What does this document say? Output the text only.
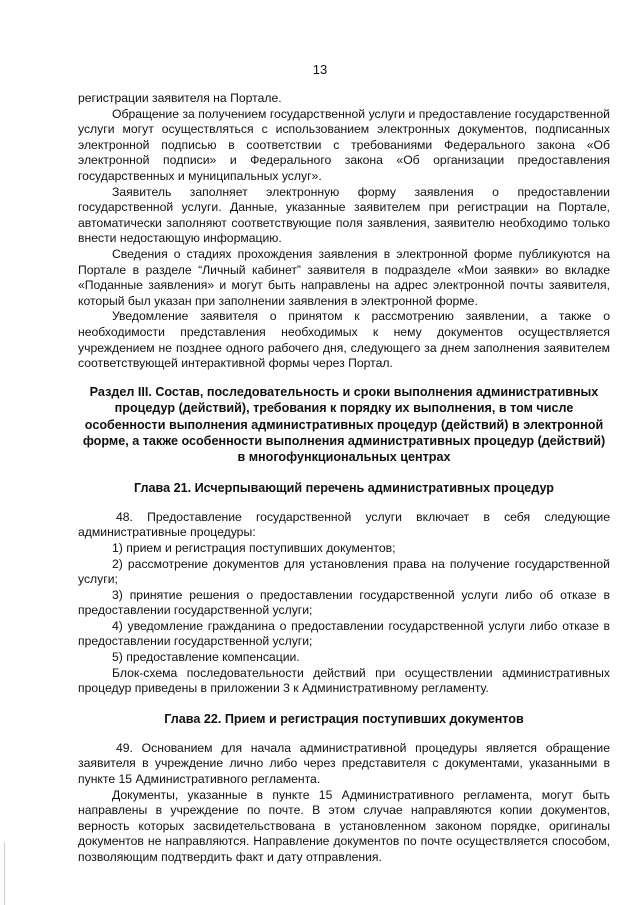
13

регистрации заявителя на Портале.

Обращение за получением государственной услуги и предоставление государственной услуги могут осуществляться с использованием электронных документов, подписанных электронной подписью в соответствии с требованиями Федерального закона «Об электронной подписи» и Федерального закона «Об организации предоставления государственных и муниципальных услуг».

Заявитель заполняет электронную форму заявления о предоставлении государственной услуги. Данные, указанные заявителем при регистрации на Портале, автоматически заполняют соответствующие поля заявления, заявителю необходимо только внести недостающую информацию.

Сведения о стадиях прохождения заявления в электронной форме публикуются на Портале в разделе “Личный кабинет” заявителя в подразделе «Мои заявки» во вкладке «Поданные заявления» и могут быть направлены на адрес электронной почты заявителя, который был указан при заполнении заявления в электронной форме.

Уведомление заявителя о принятом к рассмотрению заявлении, а также о необходимости представления необходимых к нему документов осуществляется учреждением не позднее одного рабочего дня, следующего за днем заполнения заявителем соответствующей интерактивной формы через Портал.

Раздел III. Состав, последовательность и сроки выполнения административных процедур (действий), требования к порядку их выполнения, в том числе особенности выполнения административных процедур (действий) в электронной форме, а также особенности выполнения административных процедур (действий) в многофункциональных центрах
Глава 21. Исчерпывающий перечень административных процедур

48. Предоставление государственной услуги включает в себя следующие административные процедуры:

1) прием и регистрация поступивших документов;

2) рассмотрение документов для установления права на получение государственной услуги;

3) принятие решения о предоставлении государственной услуги либо об отказе в предоставлении государственной услуги;

4) уведомление гражданина о предоставлении государственной услуги либо отказе в предоставлении государственной услуги;

5) предоставление компенсации.

Блок-схема последовательности действий при осуществлении административных процедур приведены в приложении 3 к Административному регламенту.

Глава 22. Прием и регистрация поступивших документов

49. Основанием для начала административной процедуры является обращение заявителя в учреждение лично либо через представителя с документами, указанными в пункте 15 Административного регламента.

Документы, указанные в пункте 15 Административного регламента, могут быть направлены в учреждение по почте. В этом случае направляются копии документов, верность которых засвидетельствована в установленном законом порядке, оригиналы документов не направляются. Направление документов по почте осуществляется способом, позволяющим подтвердить факт и дату отправления.
